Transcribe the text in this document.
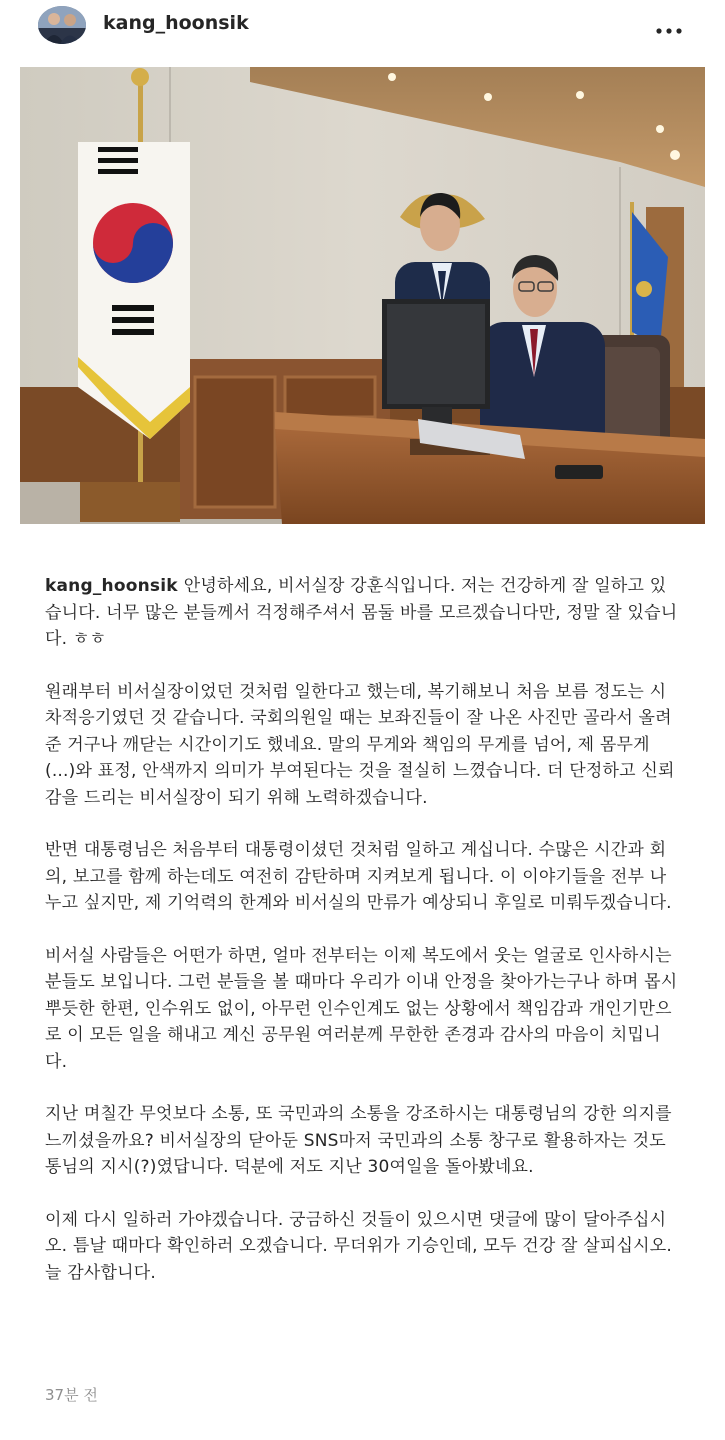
kang_hoonsik

kang_hoonsik 안녕하세요, 비서실장 강훈식입니다. 저는 건강하게 잘 일하고 있습니다. 너무 많은 분들께서 걱정해주셔서 몸둘 바를 모르겠습니다만, 정말 잘 있습니다. ㅎㅎ

원래부터 비서실장이었던 것처럼 일한다고 했는데, 복기해보니 처음 보름 정도는 시차적응기였던 것 같습니다. 국회의원일 때는 보좌진들이 잘 나온 사진만 골라서 올려준 거구나 깨닫는 시간이기도 했네요. 말의 무게와 책임의 무게를 넘어, 제 몸무게(...)와 표정, 안색까지 의미가 부여된다는 것을 절실히 느꼈습니다. 더 단정하고 신뢰감을 드리는 비서실장이 되기 위해 노력하겠습니다.

반면 대통령님은 처음부터 대통령이셨던 것처럼 일하고 계십니다. 수많은 시간과 회의, 보고를 함께 하는데도 여전히 감탄하며 지켜보게 됩니다. 이 이야기들을 전부 나누고 싶지만, 제 기억력의 한계와 비서실의 만류가 예상되니 후일로 미뤄두겠습니다.

비서실 사람들은 어떤가 하면, 얼마 전부터는 이제 복도에서 웃는 얼굴로 인사하시는 분들도 보입니다. 그런 분들을 볼 때마다 우리가 이내 안정을 찾아가는구나 하며 몹시 뿌듯한 한편, 인수위도 없이, 아무런 인수인계도 없는 상황에서 책임감과 개인기만으로 이 모든 일을 해내고 계신 공무원 여러분께 무한한 존경과 감사의 마음이 치밉니다.

지난 며칠간 무엇보다 소통, 또 국민과의 소통을 강조하시는 대통령님의 강한 의지를 느끼셨을까요? 비서실장의 닫아둔 SNS마저 국민과의 소통 창구로 활용하자는 것도 통님의 지시(?)였답니다. 덕분에 저도 지난 30여일을 돌아봤네요.

이제 다시 일하러 가야겠습니다. 궁금하신 것들이 있으시면 댓글에 많이 달아주십시오. 틈날 때마다 확인하러 오겠습니다. 무더위가 기승인데, 모두 건강 잘 살피십시오. 늘 감사합니다.

37분 전
